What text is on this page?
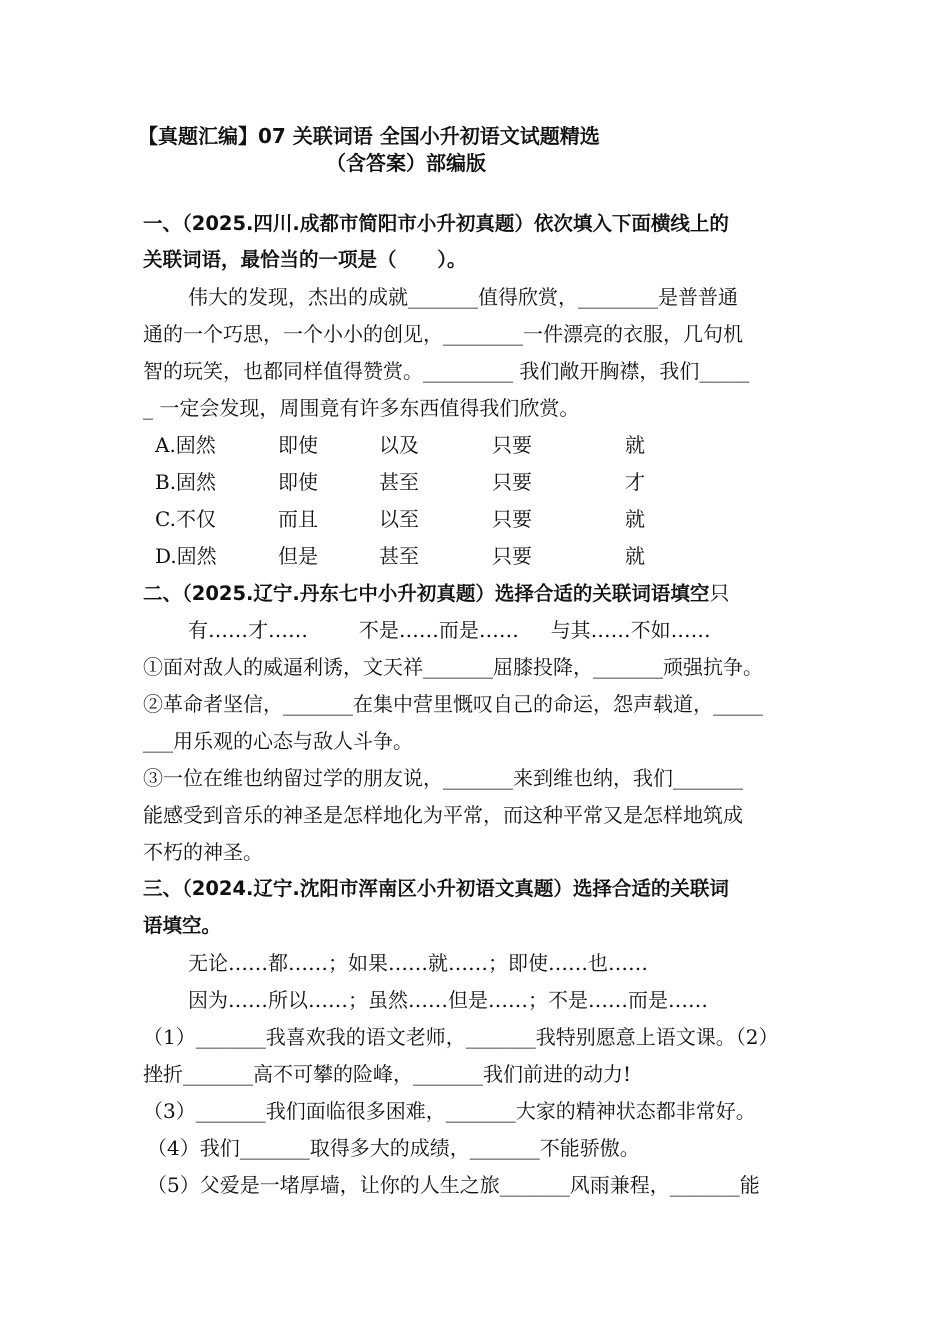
【真题汇编】07 关联词语 全国小升初语文试题精选
（含答案）部编版
一、（2025.四川.成都市简阳市小升初真题）依次填入下面横线上的
关联词语，最恰当的一项是（      ）。
伟大的发现，杰出的成就_______值得欣赏，________是普普通
通的一个巧思，一个小小的创见，________一件漂亮的衣服，几句机
智的玩笑，也都同样值得赞赏。_________ 我们敞开胸襟，我们_____
_ 一定会发现，周围竟有许多东西值得我们欣赏。
A.固然	即使	以及	只要	就
B.固然	即使	甚至	只要	才
C.不仅	而且	以至	只要	就
D.固然	但是	甚至	只要	就
二、（2025.辽宁.丹东七中小升初真题）选择合适的关联词语填空只
有……才……        不是……而是……     与其……不如……
①面对敌人的威逼利诱，文天祥_______屈膝投降，_______顽强抗争。
②革命者坚信，_______在集中营里慨叹自己的命运，怨声载道，_____
___用乐观的心态与敌人斗争。
③一位在维也纳留过学的朋友说，_______来到维也纳，我们_______
能感受到音乐的神圣是怎样地化为平常，而这种平常又是怎样地筑成
不朽的神圣。
三、（2024.辽宁.沈阳市浑南区小升初语文真题）选择合适的关联词
语填空。
无论……都……；如果……就……；即使……也……
因为……所以……；虽然……但是……；不是……而是……
（1）_______我喜欢我的语文老师，_______我特别愿意上语文课。（2）
挫折_______高不可攀的险峰，_______我们前进的动力!
（3）_______我们面临很多困难，_______大家的精神状态都非常好。
（4）我们_______取得多大的成绩，_______不能骄傲。
（5）父爱是一堵厚墙，让你的人生之旅_______风雨兼程，_______能
